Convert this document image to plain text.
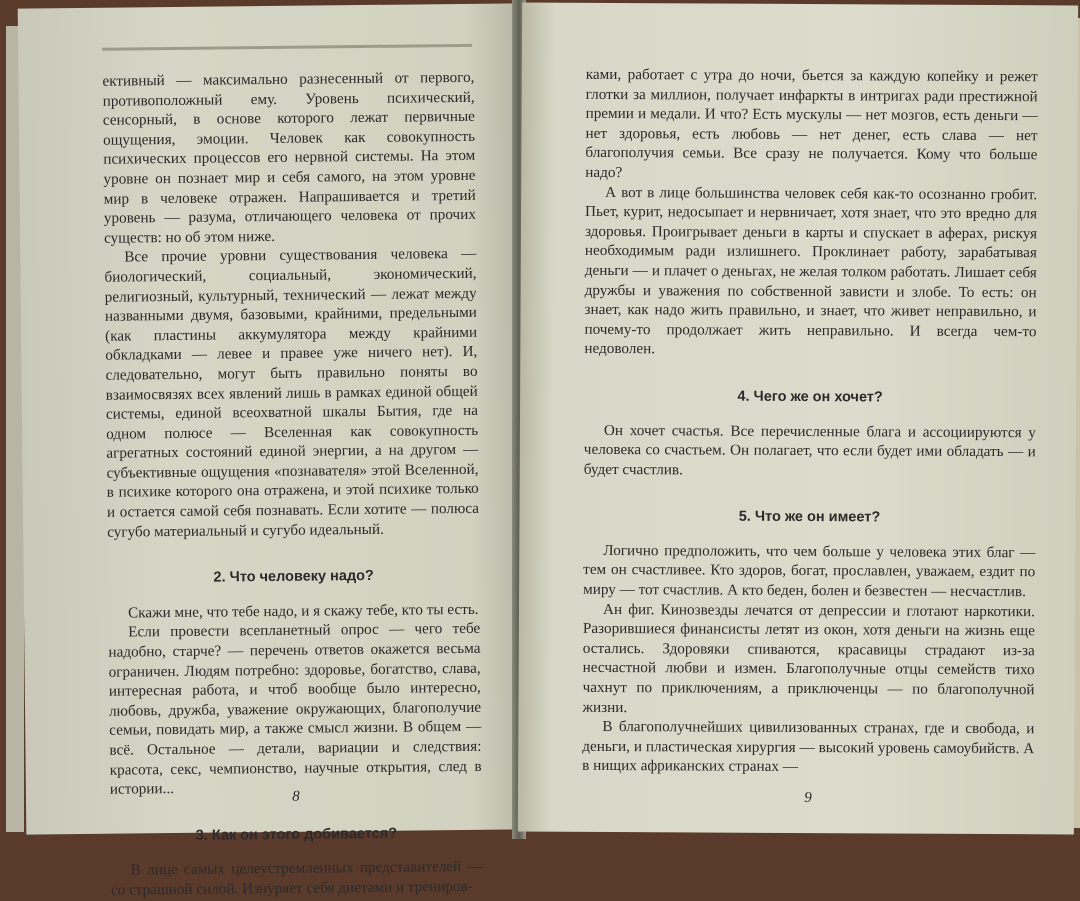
ективный — максимально разнесенный от первого, противоположный ему. Уровень психический, сенсорный, в основе которого лежат первичные ощущения, эмоции. Человек как совокупность психических процессов его нервной системы. На этом уровне он познает мир и себя самого, на этом уровне мир в человеке отражен. Напрашивается и третий уровень — разума, отличающего человека от прочих существ: но об этом ниже.

Все прочие уровни существования человека — биологический, социальный, экономический, религиозный, культурный, технический — лежат между названными двумя, базовыми, крайними, предельными (как пластины аккумулятора между крайними обкладками — левее и правее уже ничего нет). И, следовательно, могут быть правильно поняты во взаимосвязях всех явлений лишь в рамках единой общей системы, единой всеохватной шкалы Бытия, где на одном полюсе — Вселенная как совокупность агрегатных состояний единой энергии, а на другом — субъективные ощущения «познавателя» этой Вселенной, в психике которого она отражена, и этой психике только и остается самой себя познавать. Если хотите — полюса сугубо материальный и сугубо идеальный.

2. Что человеку надо?

Скажи мне, что тебе надо, и я скажу тебе, кто ты есть.

Если провести всепланетный опрос — чего тебе надобно, старче? — перечень ответов окажется весьма ограничен. Людям потребно: здоровье, богатство, слава, интересная работа, и чтоб вообще было интересно, любовь, дружба, уважение окружающих, благополучие семьи, повидать мир, а также смысл жизни. В общем — всё. Остальное — детали, вариации и следствия: красота, секс, чемпионство, научные открытия, след в истории...

3. Как он этого добивается?

В лице самых целеустремленных представителей — со страшной силой. Изнуряет себя диетами и трениров-

8

ками, работает с утра до ночи, бьется за каждую копейку и режет глотки за миллион, получает инфаркты в интригах ради престижной премии и медали. И что? Есть мускулы — нет мозгов, есть деньги — нет здоровья, есть любовь — нет денег, есть слава — нет благополучия семьи. Все сразу не получается. Кому что больше надо?

А вот в лице большинства человек себя как-то осознанно гробит. Пьет, курит, недосыпает и нервничает, хотя знает, что это вредно для здоровья. Проигрывает деньги в карты и спускает в аферах, рискуя необходимым ради излишнего. Проклинает работу, зарабатывая деньги — и плачет о деньгах, не желая толком работать. Лишает себя дружбы и уважения по собственной зависти и злобе. То есть: он знает, как надо жить правильно, и знает, что живет неправильно, и почему-то продолжает жить неправильно. И всегда чем-то недоволен.

4. Чего же он хочет?

Он хочет счастья. Все перечисленные блага и ассоциируются у человека со счастьем. Он полагает, что если будет ими обладать — и будет счастлив.

5. Что же он имеет?

Логично предположить, что чем больше у человека этих благ — тем он счастливее. Кто здоров, богат, прославлен, уважаем, ездит по миру — тот счастлив. А кто беден, болен и безвестен — несчастлив.

Ан фиг. Кинозвезды лечатся от депрессии и глотают наркотики. Разорившиеся финансисты летят из окон, хотя деньги на жизнь еще остались. Здоровяки спиваются, красавицы страдают из-за несчастной любви и измен. Благополучные отцы семейств тихо чахнут по приключениям, а приключенцы — по благополучной жизни.

В благополучнейших цивилизованных странах, где и свобода, и деньги, и пластическая хирургия — высокий уровень самоубийств. А в нищих африканских странах —

9
